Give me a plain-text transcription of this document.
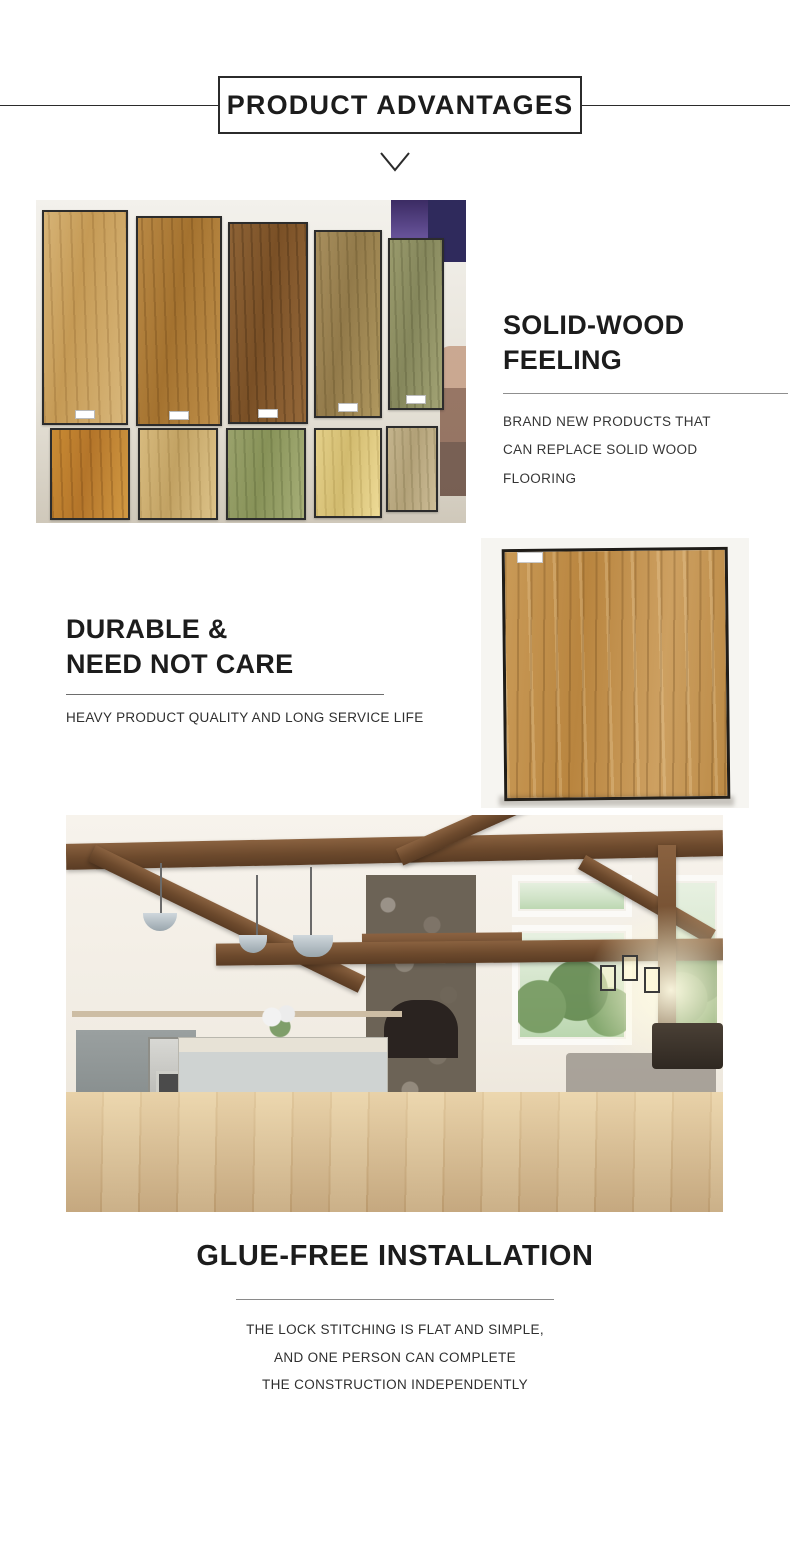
PRODUCT ADVANTAGES
SOLID-WOOD
FEELING
BRAND NEW PRODUCTS THAT
CAN REPLACE SOLID WOOD
FLOORING
DURABLE &
NEED NOT CARE
HEAVY PRODUCT QUALITY AND LONG SERVICE LIFE
GLUE-FREE INSTALLATION
THE LOCK STITCHING IS FLAT AND SIMPLE,
AND ONE PERSON CAN COMPLETE
THE CONSTRUCTION INDEPENDENTLY
